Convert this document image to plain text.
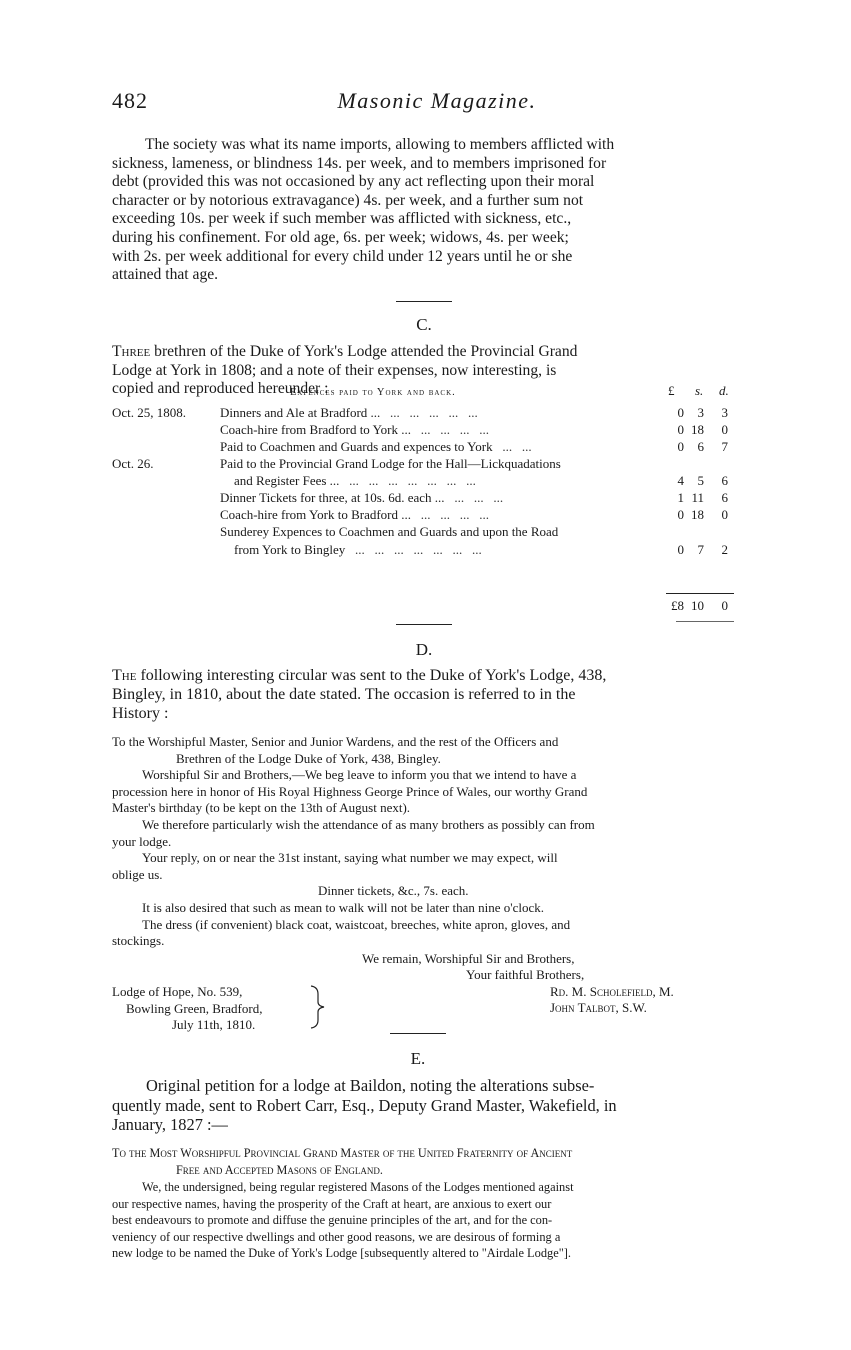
482	Masonic Magazine.

The society was what its name imports, allowing to members afflicted with

sickness, lameness, or blindness 14s. per week, and to members imprisoned for

debt (provided this was not occasioned by any act reflecting upon their moral

character or by notorious extravagance) 4s. per week, and a further sum not

exceeding 10s. per week if such member was afflicted with sickness, etc.,

during his confinement. For old age, 6s. per week; widows, 4s. per week;

with 2s. per week additional for every child under 12 years until he or she

attained that age.

C.

Three brethren of the Duke of York's Lodge attended the Provincial Grand

Lodge at York in 1808; and a note of their expenses, now interesting, is

copied and reproduced hereunder :

Expences paid to York and back.	£ s. d.
Oct. 25, 1808.	Dinners and Ale at Bradford ...   ...   ...   ...   ...   ...	0	3	3
Coach-hire from Bradford to York ...   ...   ...   ...   ...	0 18	0
Paid to Coachmen and Guards and expences to York   ...   ...	0	6	7
Oct. 26.	Paid to the Provincial Grand Lodge for the Hall—Lickquadations
and Register Fees ...   ...   ...   ...   ...   ...   ...   ...	4	5	6
Dinner Tickets for three, at 10s. 6d. each ...   ...   ...   ...	1 11	6
Coach-hire from York to Bradford ...   ...   ...   ...   ...	0 18	0
Sunderey Expences to Coachmen and Guards and upon the Road
from York to Bingley   ...   ...   ...   ...   ...   ...   ...	0	7	2
£8 10	0
D.

The following interesting circular was sent to the Duke of York's Lodge, 438,

Bingley, in 1810, about the date stated. The occasion is referred to in the

History :

To the Worshipful Master, Senior and Junior Wardens, and the rest of the Officers and

Brethren of the Lodge Duke of York, 438, Bingley.

Worshipful Sir and Brothers,—We beg leave to inform you that we intend to have a

procession here in honor of His Royal Highness George Prince of Wales, our worthy Grand

Master's birthday (to be kept on the 13th of August next).

We therefore particularly wish the attendance of as many brothers as possibly can from

your lodge.

Your reply, on or near the 31st instant, saying what number we may expect, will

oblige us.

Dinner tickets, &c., 7s. each.

It is also desired that such as mean to walk will not be later than nine o'clock.

The dress (if convenient) black coat, waistcoat, breeches, white apron, gloves, and

stockings.

We remain, Worshipful Sir and Brothers,
Your faithful Brothers,

Lodge of Hope, No. 539,

Bowling Green, Bradford,

July 11th, 1810.

Rd. M. Scholefield, M.
John Talbot, S.W.
E.

Original petition for a lodge at Baildon, noting the alterations subse-

quently made, sent to Robert Carr, Esq., Deputy Grand Master, Wakefield, in

January, 1827 :—

To the Most Worshipful Provincial Grand Master of the United Fraternity of Ancient

Free and Accepted Masons of England.

We, the undersigned, being regular registered Masons of the Lodges mentioned against

our respective names, having the prosperity of the Craft at heart, are anxious to exert our

best endeavours to promote and diffuse the genuine principles of the art, and for the con-

veniency of our respective dwellings and other good reasons, we are desirous of forming a

new lodge to be named the Duke of York's Lodge [subsequently altered to "Airdale Lodge"].
